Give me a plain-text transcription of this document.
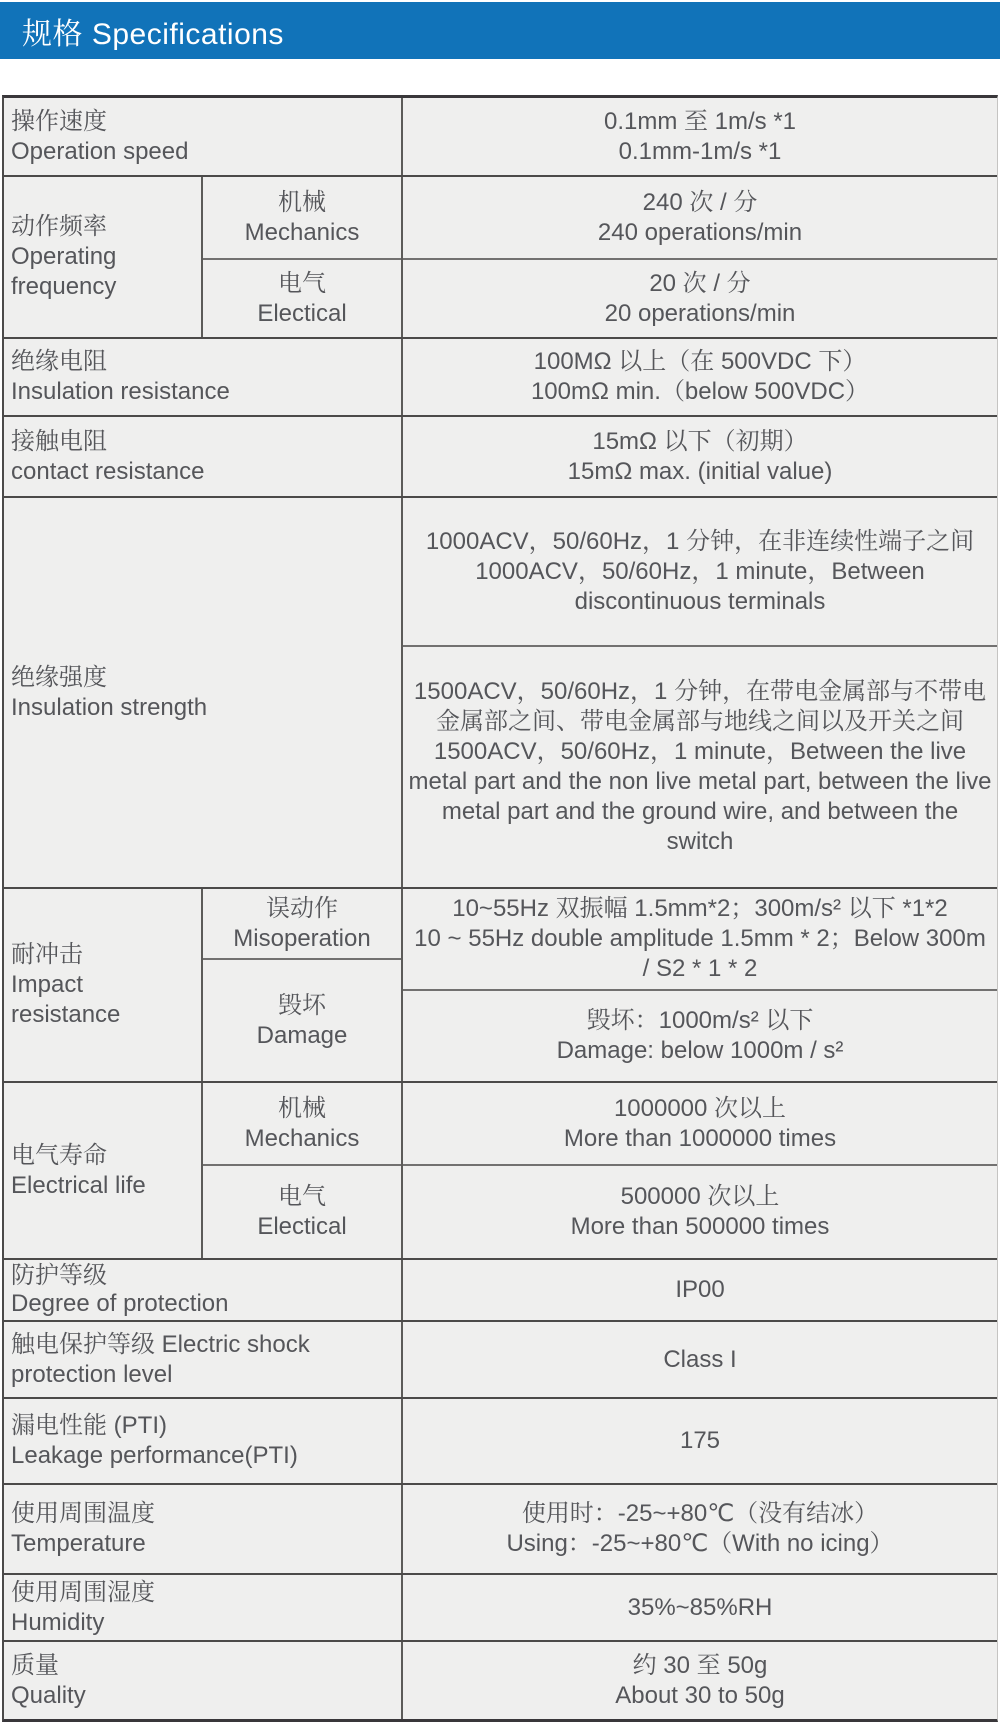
规格 Specifications
操作速度
Operation speed
0.1mm 至 1m/s *1
0.1mm-1m/s *1
动作频率
Operating frequency
机械
Mechanics
电气
Electical
240 次 / 分
240 operations/min
20 次 / 分
20 operations/min
绝缘电阻
Insulation resistance
100MΩ 以上（在 500VDC 下）
100mΩ min.（below 500VDC）
接触电阻
contact resistance
15mΩ 以下（初期）
15mΩ max. (initial value)
绝缘强度
Insulation strength
1000ACV，50/60Hz，1 分钟，在非连续性端子之间
1000ACV，50/60Hz，1 minute，Between discontinuous terminals
1500ACV，50/60Hz，1 分钟，在带电金属部与不带电金属部之间、带电金属部与地线之间以及开关之间
1500ACV，50/60Hz，1 minute，Between the live metal part and the non live metal part, between the live metal part and the ground wire, and between the switch
耐冲击
Impact resistance
误动作
Misoperation
毁坏
Damage
10~55Hz 双振幅 1.5mm*2；300m/s² 以下 *1*2
10 ~ 55Hz double amplitude 1.5mm * 2；Below 300m / S2 * 1 * 2
毁坏：1000m/s² 以下
Damage: below 1000m / s²
电气寿命
Electrical life
机械
Mechanics
电气
Electical
1000000 次以上
More than 1000000 times
500000 次以上
More than 500000 times
防护等级
Degree of protection
IP00
触电保护等级 Electric shock protection level
Class I
漏电性能 (PTI)
Leakage performance(PTI)
175
使用周围温度
Temperature
使用时：-25~+80℃（没有结冰）
Using：-25~+80℃（With no icing）
使用周围湿度
Humidity
35%~85%RH
质量
Quality
约 30 至 50g
About 30 to 50g
